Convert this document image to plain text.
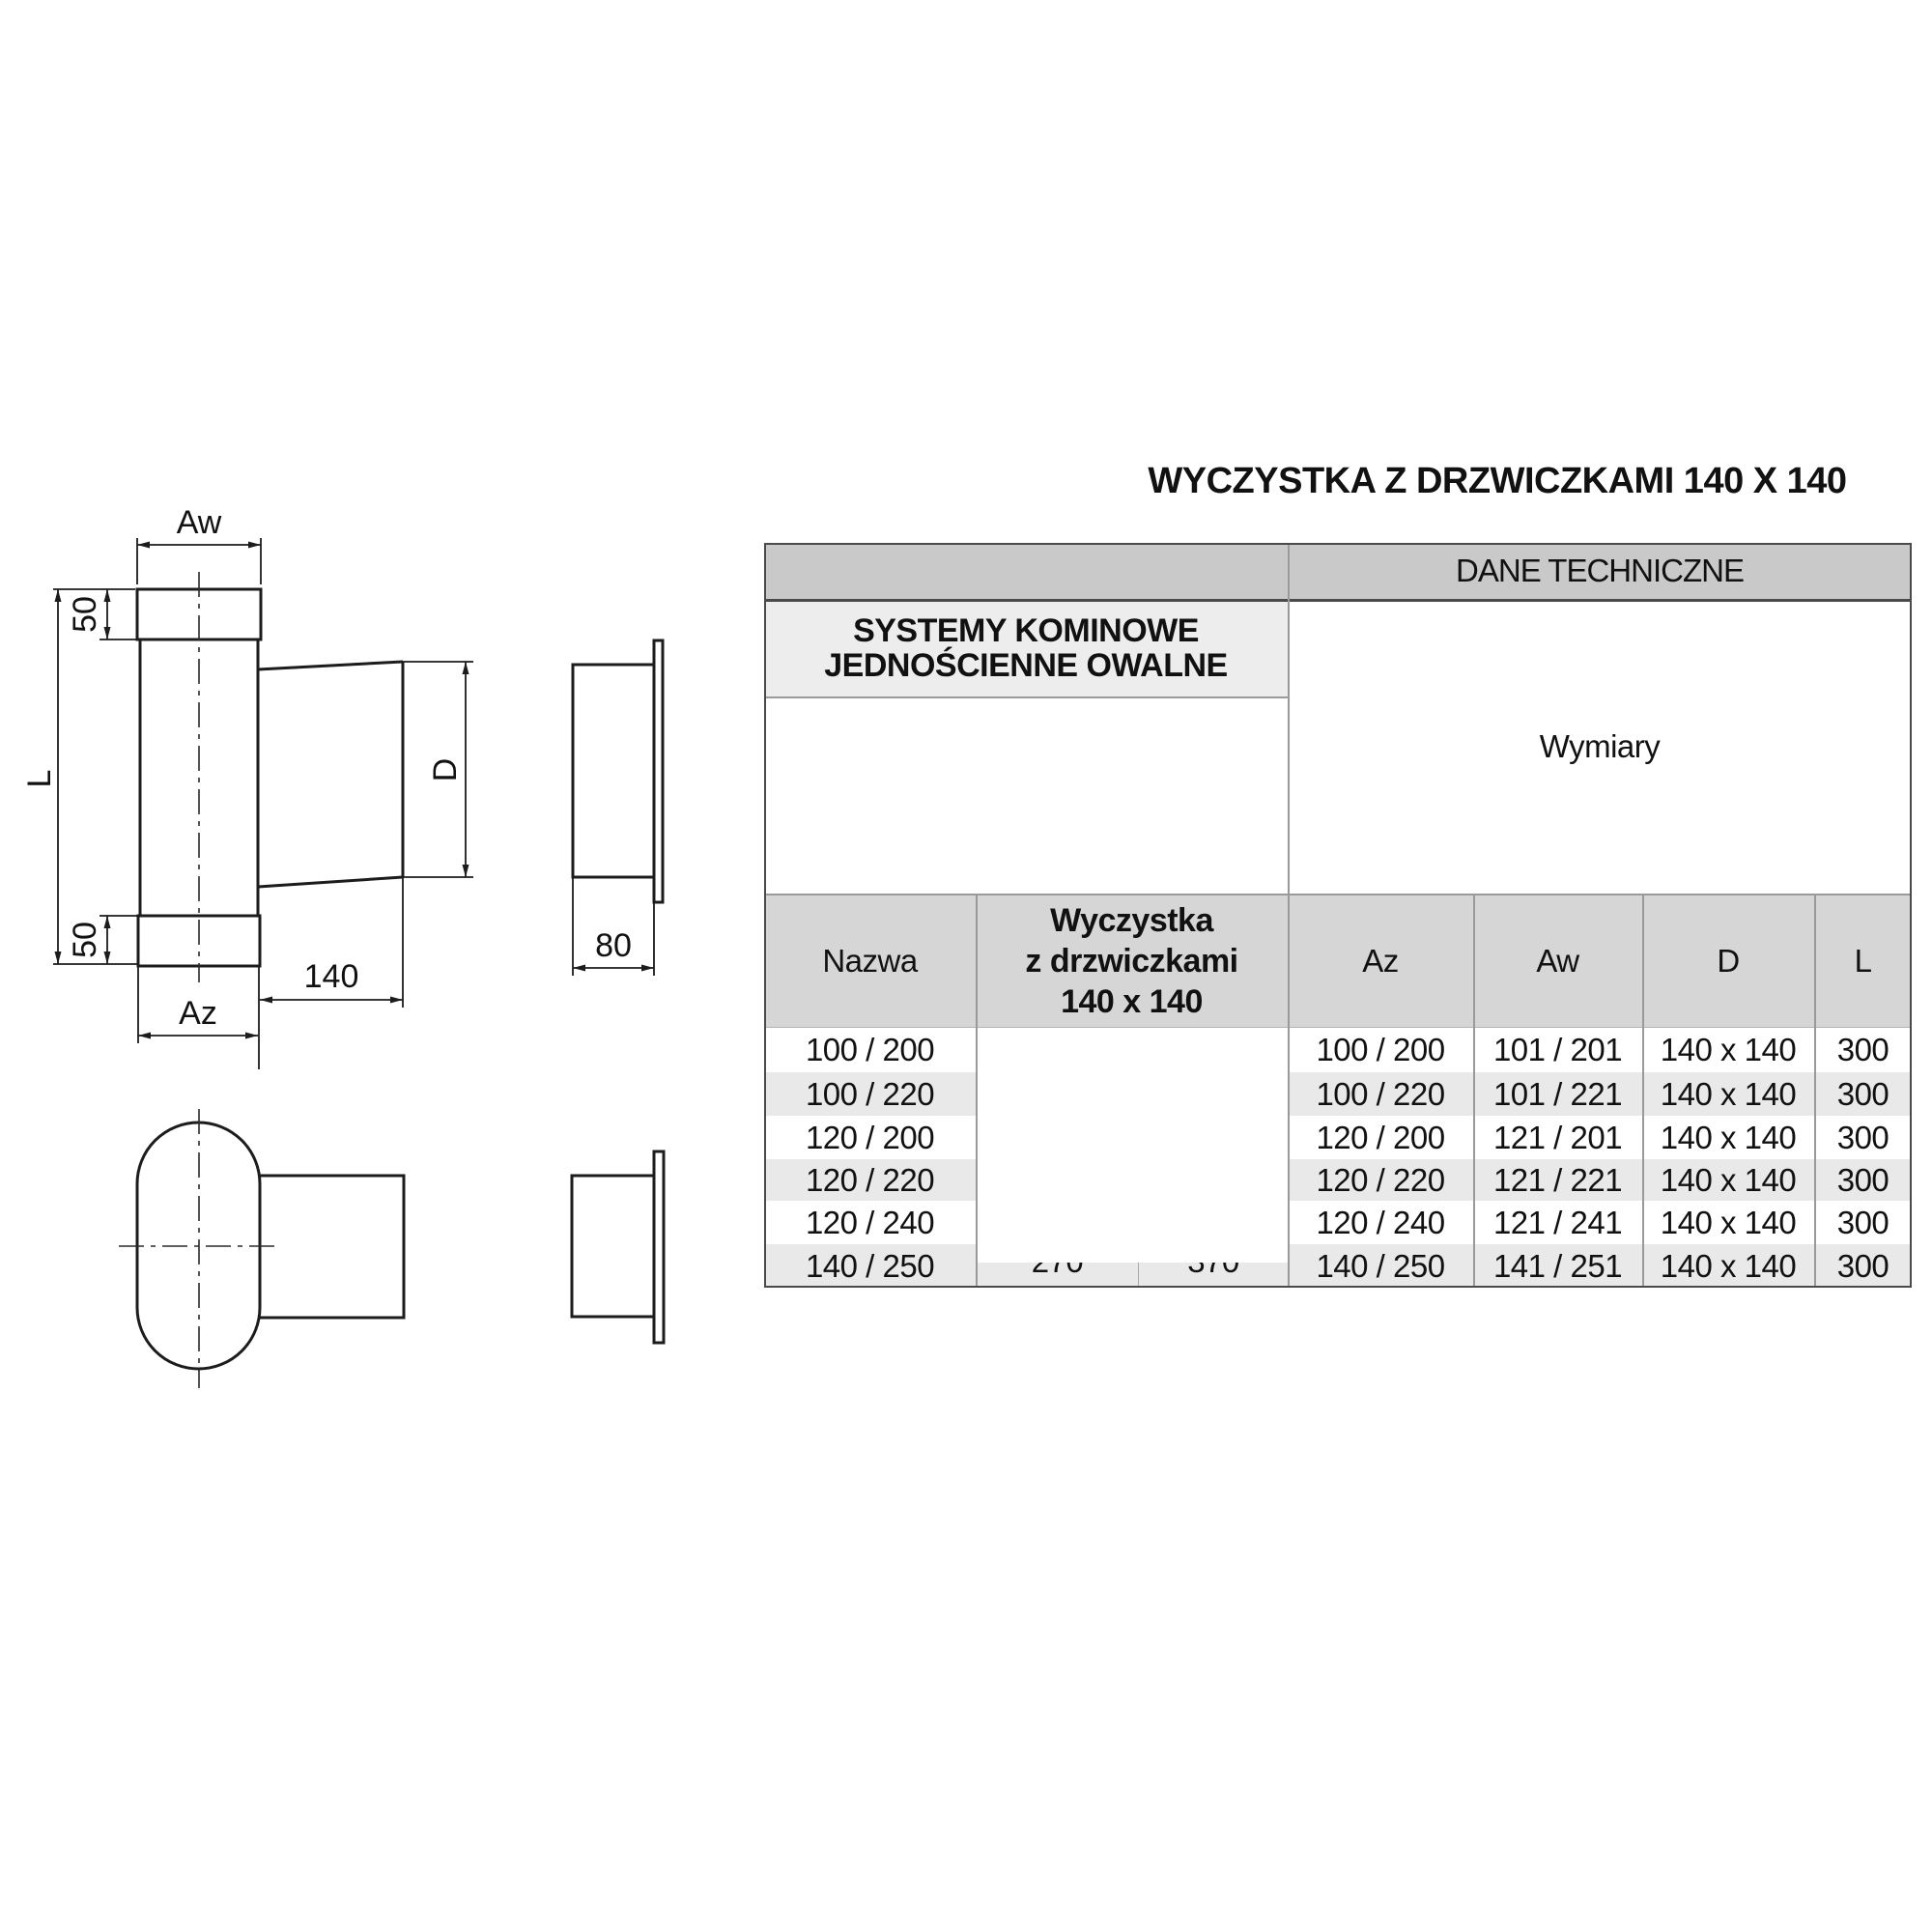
WYCZYSTKA Z DRZWICZKAMI 140 X 140
Aw
50
L
50
D
140
Az
80
DANE TECHNICZNE
SYSTEMY KOMINOWE
JEDNOŚCIENNE OWALNE
Wymiary
Nazwa
Wyczystka
z drzwiczkami
140 x 140
Az	Aw	D	L
100 / 200	100 / 200	101 / 201	140 x 140	300
100 / 220	100 / 220	101 / 221	140 x 140	300
120 / 200	120 / 200	121 / 201	140 x 140	300
120 / 220	120 / 220	121 / 221	140 x 140	300
120 / 240	120 / 240	121 / 241	140 x 140	300
140 / 250	140 / 250	141 / 251	140 x 140	300
